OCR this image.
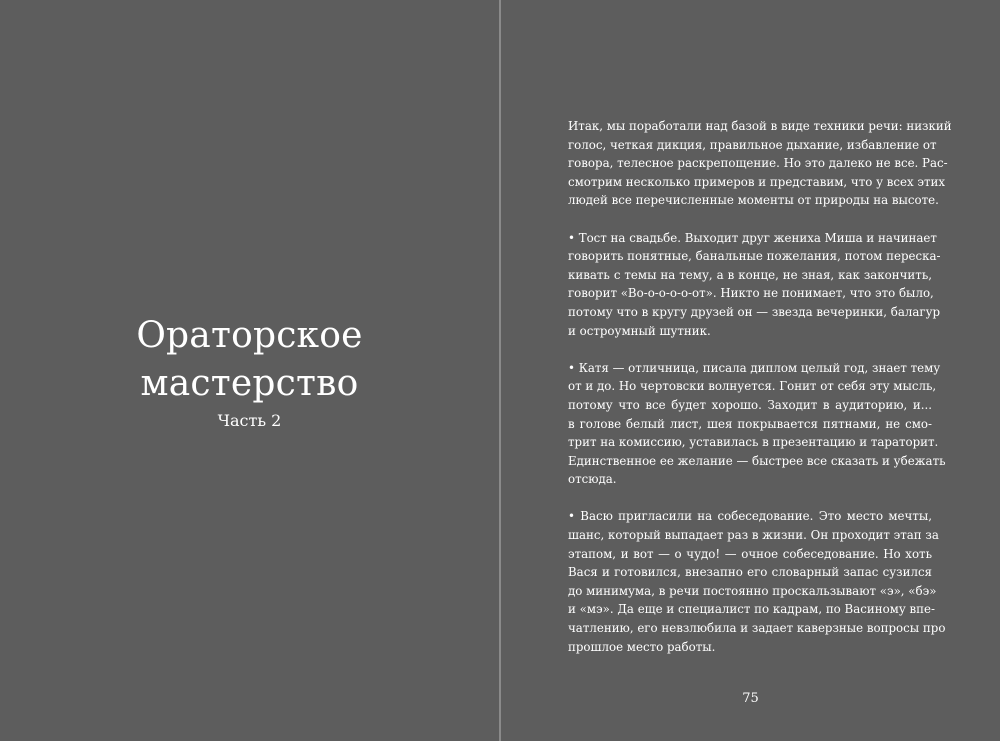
Ораторское
мастерство
Часть 2
Итак, мы поработали над базой в виде техники речи: низкий
голос, четкая дикция, правильное дыхание, избавление от
говора, телесное раскрепощение. Но это далеко не все. Рас-
смотрим несколько примеров и представим, что у всех этих
людей все перечисленные моменты от природы на высоте.
• Тост на свадьбе. Выходит друг жениха Миша и начинает
говорить понятные, банальные пожелания, потом переска-
кивать с темы на тему, а в конце, не зная, как закончить,
говорит «Во-о-о-о-о-от». Никто не понимает, что это было,
потому что в кругу друзей он — звезда вечеринки, балагур
и остроумный шутник.
• Катя — отличница, писала диплом целый год, знает тему
от и до. Но чертовски волнуется. Гонит от себя эту мысль,
потому что все будет хорошо. Заходит в аудиторию, и...
в голове белый лист, шея покрывается пятнами, не смо-
трит на комиссию, уставилась в презентацию и тараторит.
Единственное ее желание — быстрее все сказать и убежать
отсюда.
• Васю пригласили на собеседование. Это место мечты,
шанс, который выпадает раз в жизни. Он проходит этап за
этапом, и вот — о чудо! — очное собеседование. Но хоть
Вася и готовился, внезапно его словарный запас сузился
до минимума, в речи постоянно проскальзывают «э», «бэ»
и «мэ». Да еще и специалист по кадрам, по Васиному впе-
чатлению, его невзлюбила и задает каверзные вопросы про
прошлое место работы.
75
